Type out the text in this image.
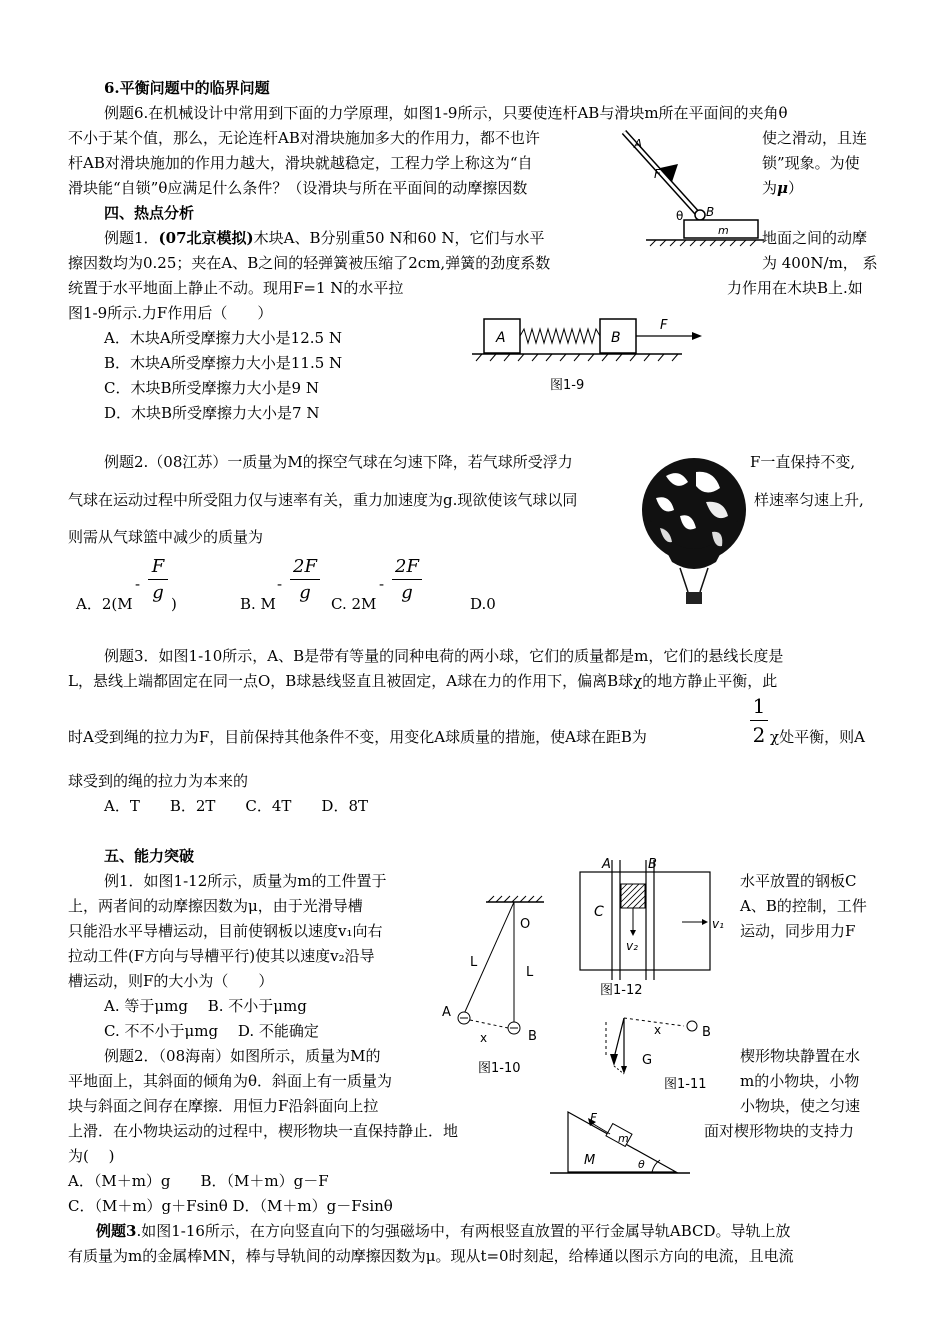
6.平衡问题中的临界问题
例题6.在机械设计中常用到下面的力学原理，如图1-9所示，只要使连杆AB与滑块m所在平面间的夹角θ
不小于某个值，那么，无论连杆AB对滑块施加多大的作用力，都不也许	使之滑动，且连
杆AB对滑块施加的作用力越大，滑块就越稳定，工程力学上称这为“自	锁”现象。为使
滑块能“自锁”θ应满足什么条件？（设滑块与所在平面间的动摩擦因数	为μ）
A
F
θ B
m
四、热点分析
例题1．(07北京模拟)木块A、B分别重50 N和60 N，它们与水平	地面之间的动摩
擦因数均为0.25；夹在A、B之间的轻弹簧被压缩了2cm,弹簧的劲度系数	为 400N/m， 系
统置于水平地面上静止不动。现用F=1 N的水平拉	力作用在木块B上.如
图1-9所示.力F作用后（　　）
A．木块A所受摩擦力大小是12.5 N
B．木块A所受摩擦力大小是11.5 N
C．木块B所受摩擦力大小是9 N
D．木块B所受摩擦力大小是7 N
A	B
F
图1-9
例题2.（08江苏）一质量为M的探空气球在匀速下降，若气球所受浮力	F一直保持不变,
气球在运动过程中所受阻力仅与速率有关，重力加速度为g.现欲使该气球以同	样速率匀速上升,
则需从气球篮中减少的质量为
A．2(M
-
F
g
)	B. M
-
2F
g
C. 2M
-
2F
g
D.0
例题3．如图1-10所示，A、B是带有等量的同种电荷的两小球，它们的质量都是m，它们的悬线长度是
L，悬线上端都固定在同一点O，B球悬线竖直且被固定，A球在力的作用下，偏离B球χ的地方静止平衡，此
时A受到绳的拉力为F，目前保持其他条件不变，用变化A球质量的措施，使A球在距B为
1
2 χ处平衡，则A
球受到的绳的拉力为本来的
A．T　　B．2T　　C．4T　　D．8T
五、能力突破
例1．如图1-12所示，质量为m的工件置于	水平放置的钢板C
上，两者间的动摩擦因数为μ，由于光滑导槽	A、B的控制，工件
只能沿水平导槽运动，目前使钢板以速度v₁向右	运动，同步用力F
拉动工件(F方向与导槽平行)使其以速度v₂沿导
槽运动，则F的大小为（　　）
A. 等于μmg　 B. 不小于μmg
C. 不不小于μmg　 D. 不能确定
例题2．（08海南）如图所示，质量为M的	楔形物块静置在水
平地面上，其斜面的倾角为θ．斜面上有一质量为	m的小物块，小物
块与斜面之间存在摩擦．用恒力F沿斜面向上拉	小物块，使之匀速
上滑．在小物块运动的过程中，楔形物块一直保持静止．地	面对楔形物块的支持力
为(　 )
A．（M＋m）g　　B．（M＋m）g－F
C．（M＋m）g＋Fsinθ D．（M＋m）g－Fsinθ
例题3.如图1-16所示，在方向竖直向下的匀强磁场中，有两根竖直放置的平行金属导轨ABCD。导轨上放
有质量为m的金属棒MN，棒与导轨间的动摩擦因数为μ。现从t=0时刻起，给棒通以图示方向的电流，且电流
O
L
L
A
B
x
图1-10
A	B
C
v₂
v₁
图1-12
x	B
G
图1-11
F
m
M	θ
